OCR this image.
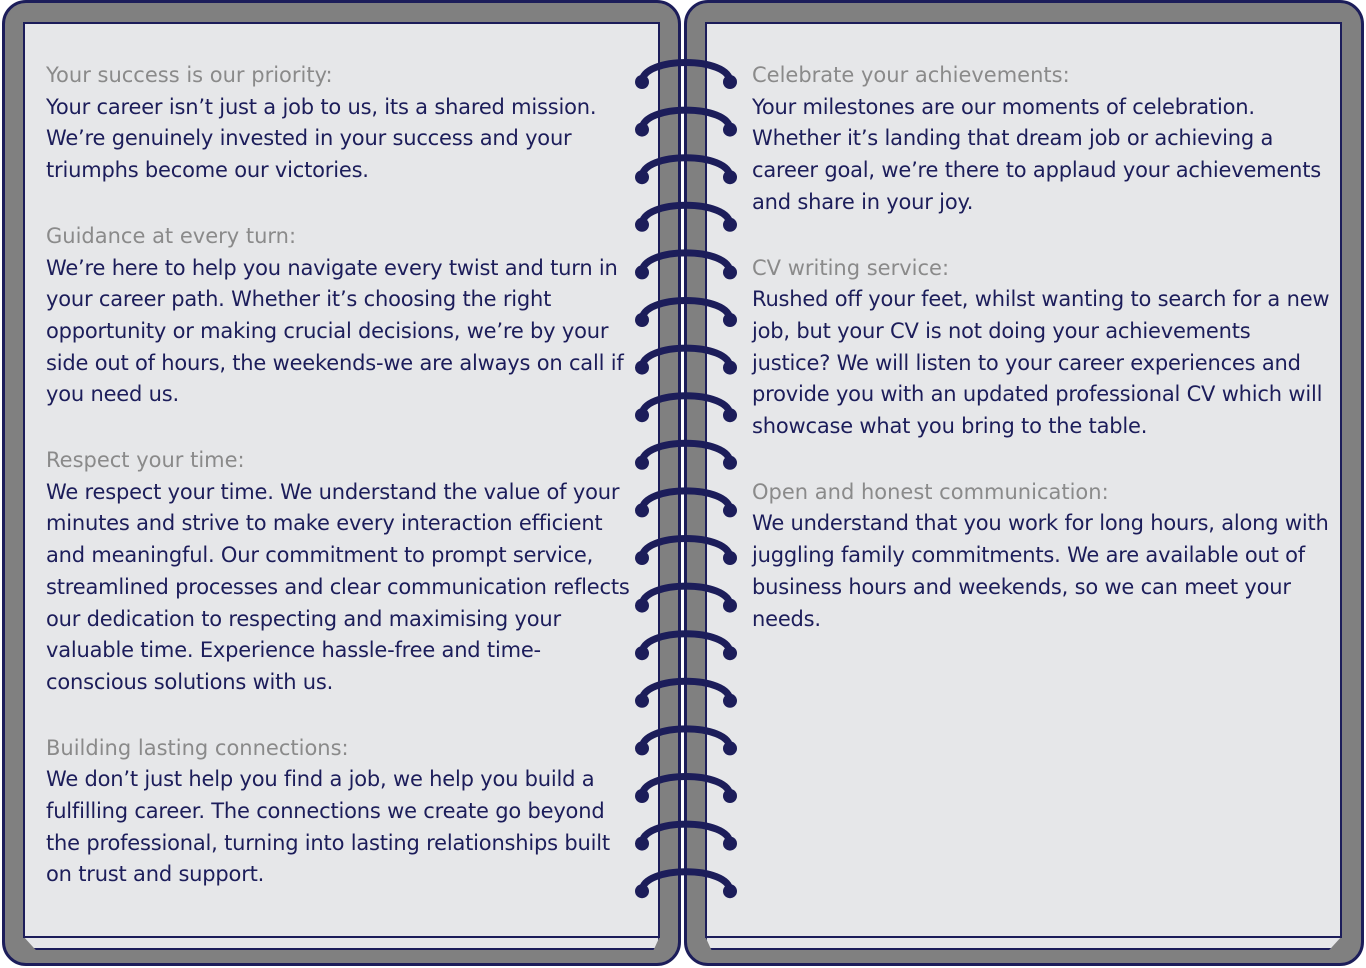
Your success is our priority:
Your career isn’t just a job to us, its a shared mission. We’re genuinely invested in your success and your triumphs become our victories.
Guidance at every turn:
We’re here to help you navigate every twist and turn in your career path. Whether it’s choosing the right opportunity or making crucial decisions, we’re by your side out of hours, the weekends-we are always on call if you need us.
Respect your time:
We respect your time. We understand the value of your minutes and strive to make every interaction efficient and meaningful. Our commitment to prompt service, streamlined processes and clear communication reflects our dedication to respecting and maximising your valuable time. Experience hassle-free and time-conscious solutions with us.
Building lasting connections:
We don’t just help you find a job, we help you build a fulfilling career. The connections we create go beyond the professional, turning into lasting relationships built on trust and support.
Celebrate your achievements:
Your milestones are our moments of celebration. Whether it’s landing that dream job or achieving a career goal, we’re there to applaud your achievements and share in your joy.
CV writing service:
Rushed off your feet, whilst wanting to search for a new job, but your CV is not doing your achievements justice? We will listen to your career experiences and provide you with an updated professional CV which will showcase what you bring to the table.
Open and honest communication:
We understand that you work for long hours, along with juggling family commitments. We are available out of business hours and weekends, so we can meet your needs.
